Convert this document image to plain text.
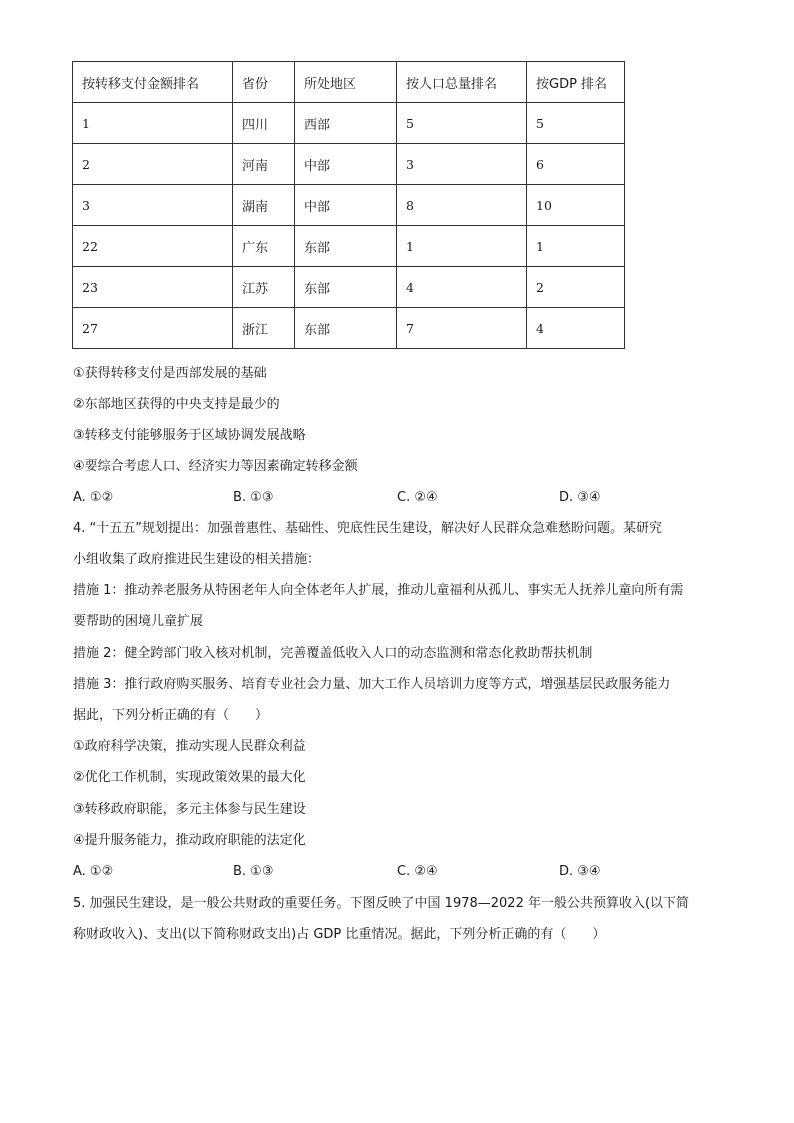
按转移支付金额排名	省份	所处地区	按人口总量排名	按GDP 排名
1	四川	西部	5	5
2	河南	中部	3	6
3	湖南	中部	8	10
22	广东	东部	1	1
23	江苏	东部	4	2
27	浙江	东部	7	4
①获得转移支付是西部发展的基础
②东部地区获得的中央支持是最少的
③转移支付能够服务于区域协调发展战略
④要综合考虑人口、经济实力等因素确定转移金额
A. ①②	B. ①③	C. ②④	D. ③④
4. “十五五”规划提出：加强普惠性、基础性、兜底性民生建设，解决好人民群众急难愁盼问题。某研究
小组收集了政府推进民生建设的相关措施：
措施 1：推动养老服务从特困老年人向全体老年人扩展，推动儿童福利从孤儿、事实无人抚养儿童向所有需
要帮助的困境儿童扩展
措施 2：健全跨部门收入核对机制，完善覆盖低收入人口的动态监测和常态化救助帮扶机制
措施 3：推行政府购买服务、培育专业社会力量、加大工作人员培训力度等方式，增强基层民政服务能力
据此，下列分析正确的有（　　）
①政府科学决策，推动实现人民群众利益
②优化工作机制，实现政策效果的最大化
③转移政府职能，多元主体参与民生建设
④提升服务能力，推动政府职能的法定化
A. ①②	B. ①③	C. ②④	D. ③④
5. 加强民生建设，是一般公共财政的重要任务。下图反映了中国 1978—2022 年一般公共预算收入(以下简
称财政收入)、支出(以下简称财政支出)占 GDP 比重情况。据此，下列分析正确的有（　　）
